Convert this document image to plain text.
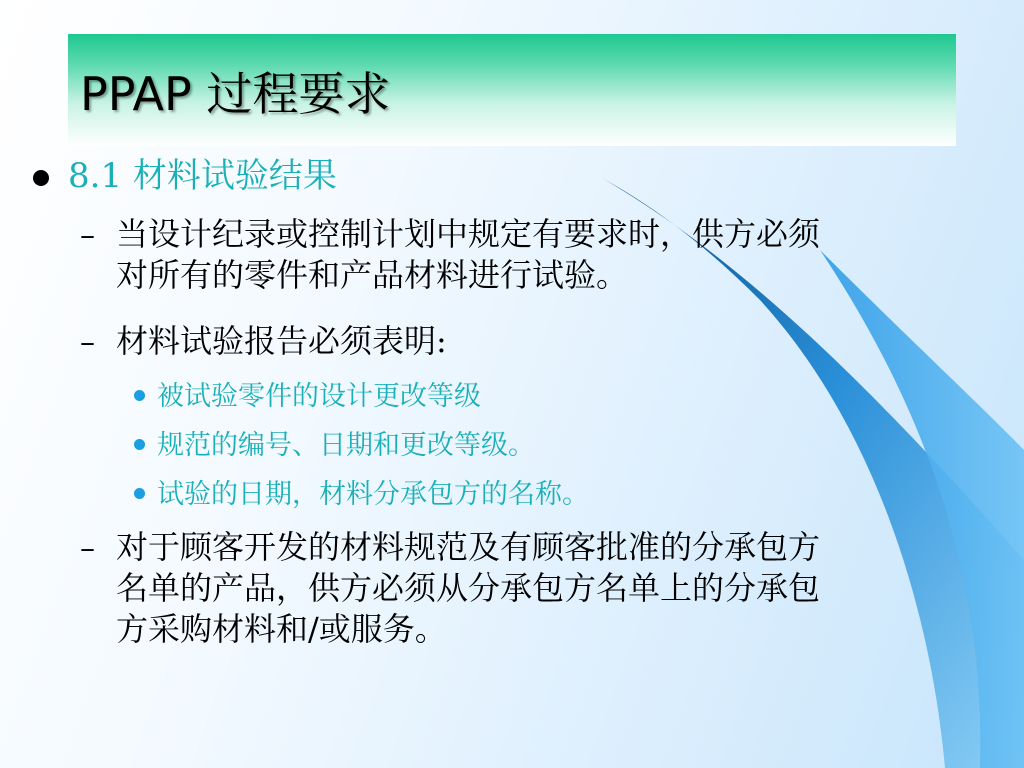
PPAP 过程要求
8.1 材料试验结果
– 当设计纪录或控制计划中规定有要求时，供方必须
对所有的零件和产品材料进行试验。
– 材料试验报告必须表明:
被试验零件的设计更改等级
规范的编号、日期和更改等级。
试验的日期，材料分承包方的名称。
– 对于顾客开发的材料规范及有顾客批准的分承包方
名单的产品，供方必须从分承包方名单上的分承包
方采购材料和/或服务。
